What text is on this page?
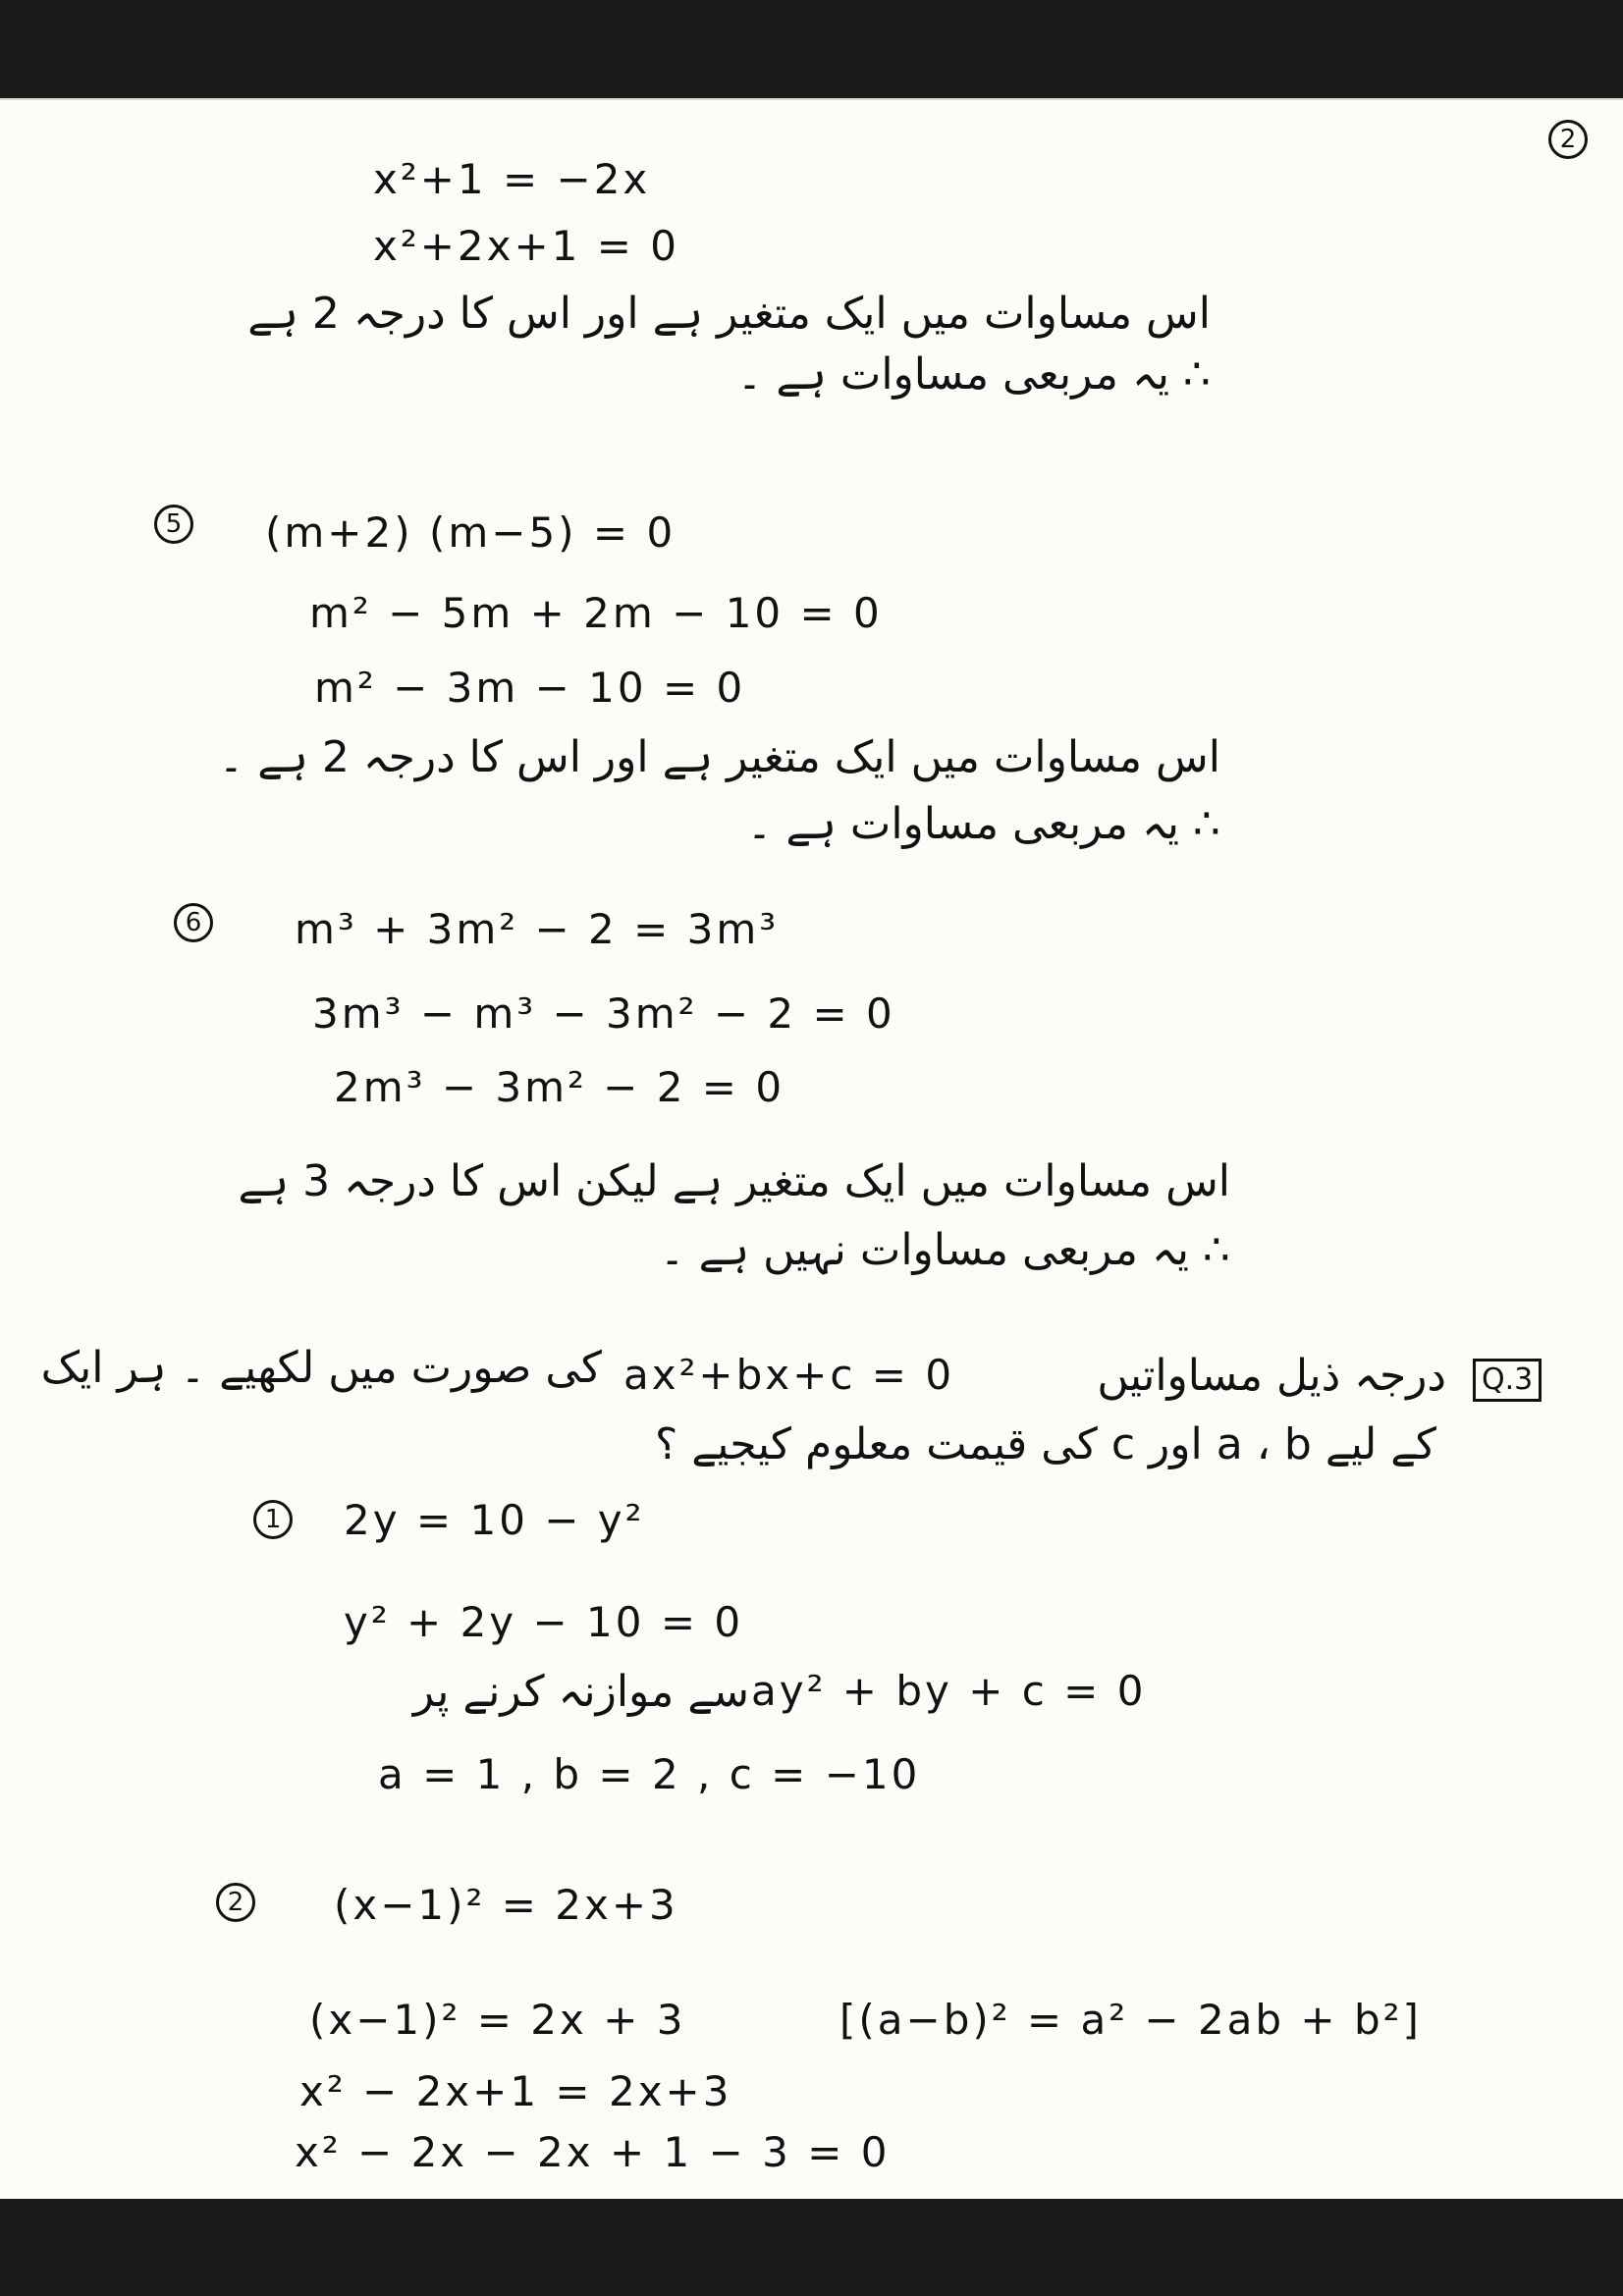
2
x²+1 = −2x
x²+2x+1 = 0
اس مساوات میں ایک متغیر ہے اور اس کا درجہ 2 ہے
∴ یہ مربعی مساوات ہے ۔
5 (m+2) (m−5) = 0
m² − 5m + 2m − 10 = 0
m² − 3m − 10 = 0
اس مساوات میں ایک متغیر ہے اور اس کا درجہ 2 ہے ۔
∴ یہ مربعی مساوات ہے ۔
6 m³ + 3m² − 2 = 3m³
3m³ − m³ − 3m² − 2 = 0
2m³ − 3m² − 2 = 0
اس مساوات میں ایک متغیر ہے لیکن اس کا درجہ 3 ہے
∴ یہ مربعی مساوات نہیں ہے ۔
Q.3
درجہ ذیل مساواتیں
ax²+bx+c = 0
کی صورت میں لکھیے ۔ ہر ایک
کے لیے a ، b اور c کی قیمت معلوم کیجیے ؟
1 2y = 10 − y²
y² + 2y − 10 = 0
سے موازنہ کرنے پر ay² + by + c = 0
a = 1 , b = 2 , c = −10
2 (x−1)² = 2x+3
(x−1)² = 2x + 3	[(a−b)² = a² − 2ab + b²]
x² − 2x+1 = 2x+3
x² − 2x − 2x + 1 − 3 = 0
